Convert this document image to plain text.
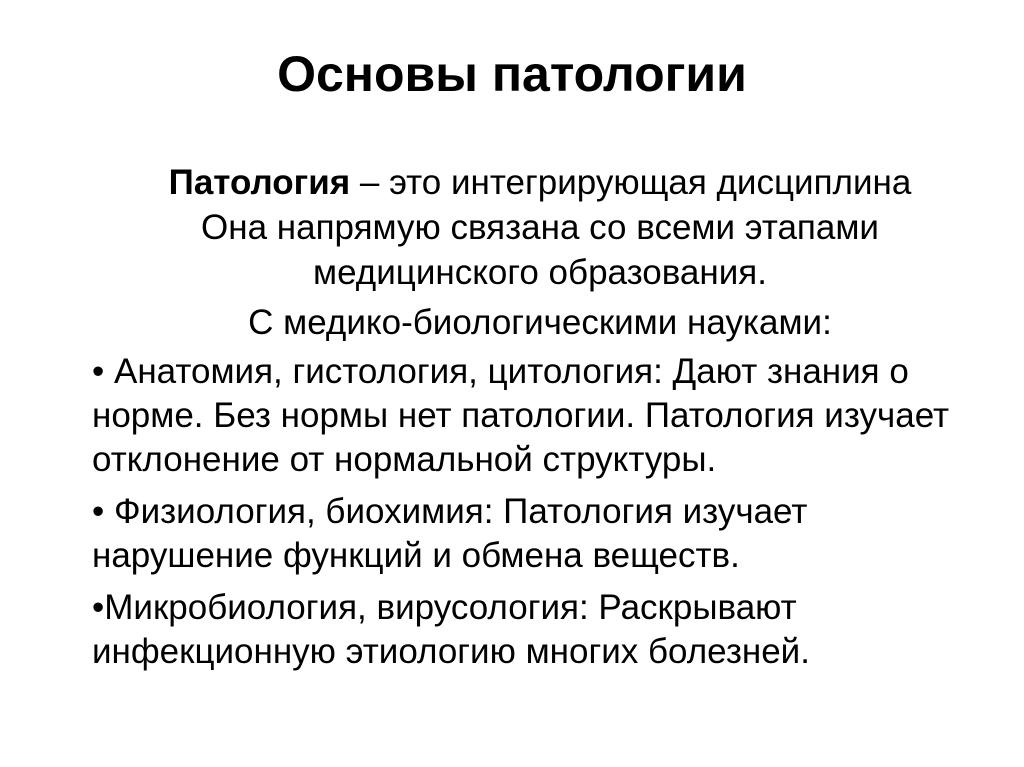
Основы патологии
Патология – это интегрирующая дисциплина
Она напрямую связана со всеми этапами
медицинского образования.
С медико-биологическими науками:
• Анатомия, гистология, цитология: Дают знания о норме. Без нормы нет патологии. Патология изучает отклонение от нормальной структуры.
• Физиология, биохимия: Патология изучает нарушение функций и обмена веществ.
•Микробиология, вирусология: Раскрывают инфекционную этиологию многих болезней.
